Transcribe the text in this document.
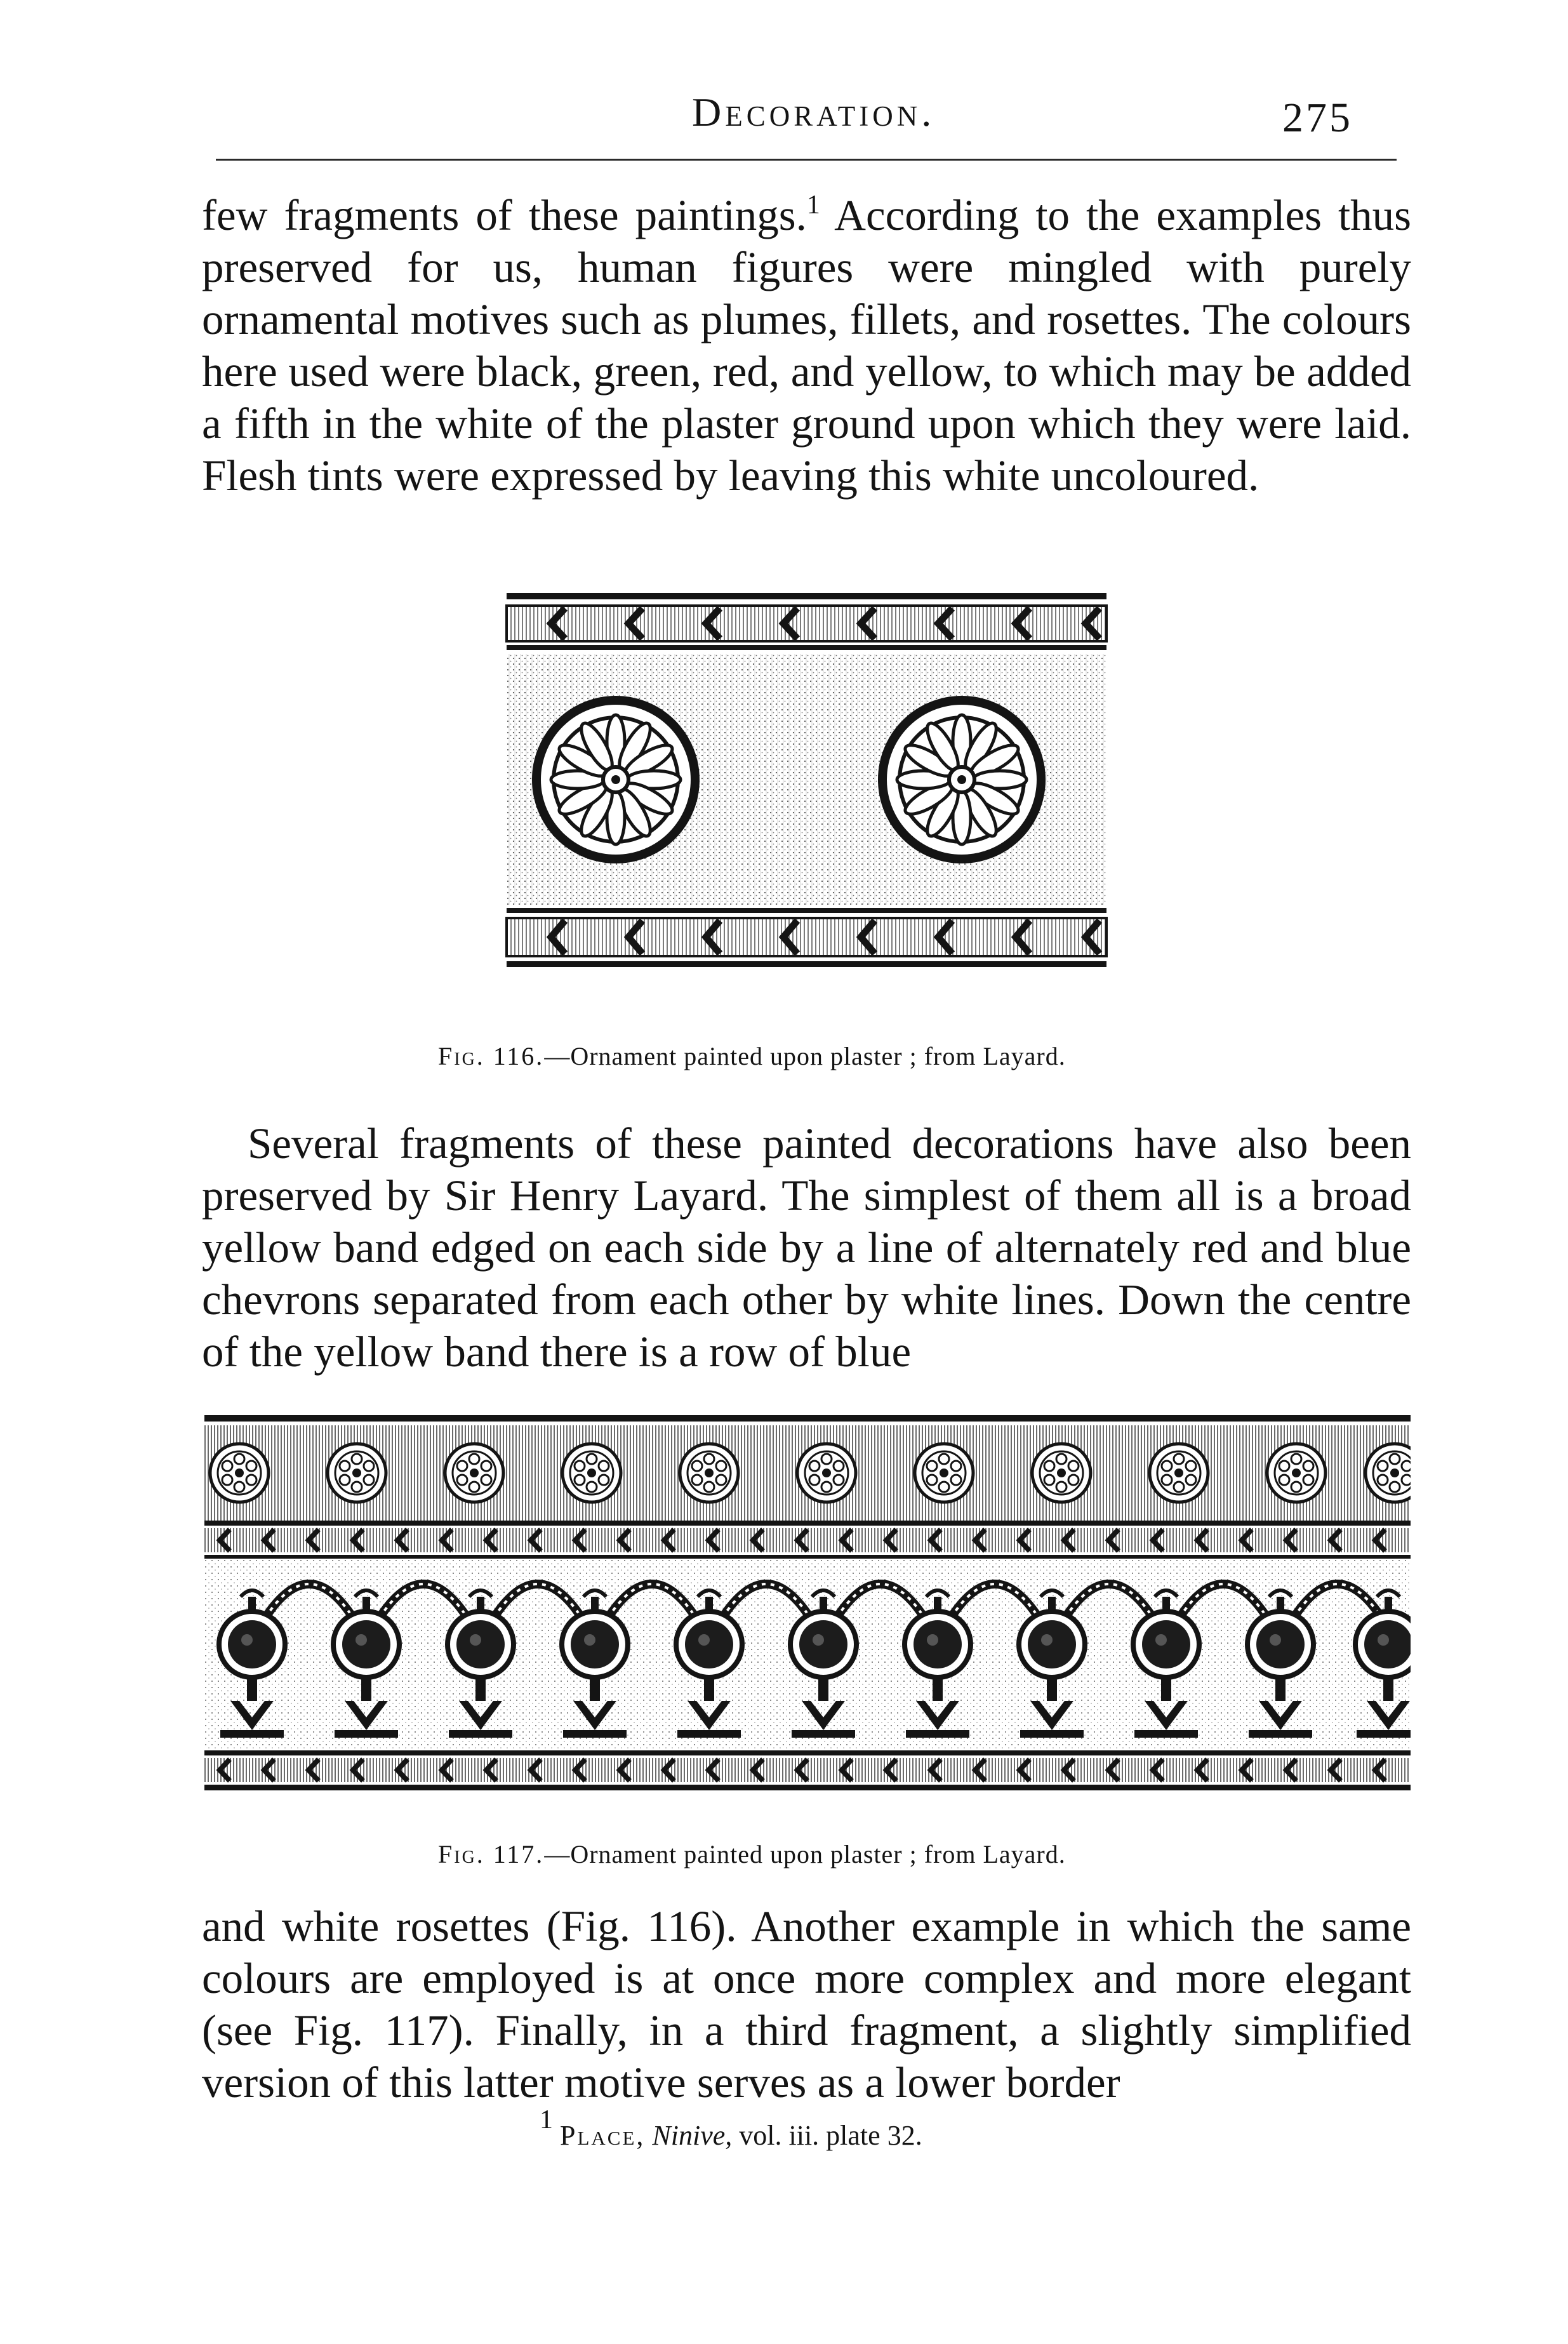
Decoration.	275

few fragments of these paintings.$^1$ According to the examples thus preserved for us, human figures were mingled with purely ornamental motives such as plumes, fillets, and rosettes. The colours here used were black, green, red, and yellow, to which may be added a fifth in the white of the plaster ground upon which they were laid. Flesh tints were expressed by leaving this white uncoloured.

Fig. 116.—Ornament painted upon plaster ; from Layard.

Several fragments of these painted decorations have also been preserved by Sir Henry Layard. The simplest of them all is a broad yellow band edged on each side by a line of alternately red and blue chevrons separated from each other by white lines. Down the centre of the yellow band there is a row of blue

Fig. 117.—Ornament painted upon plaster ; from Layard.

and white rosettes (Fig. 116). Another example in which the same colours are employed is at once more complex and more elegant (see Fig. 117). Finally, in a third fragment, a slightly simplified version of this latter motive serves as a lower border

$^1$ Place, Ninive, vol. iii. plate 32.
